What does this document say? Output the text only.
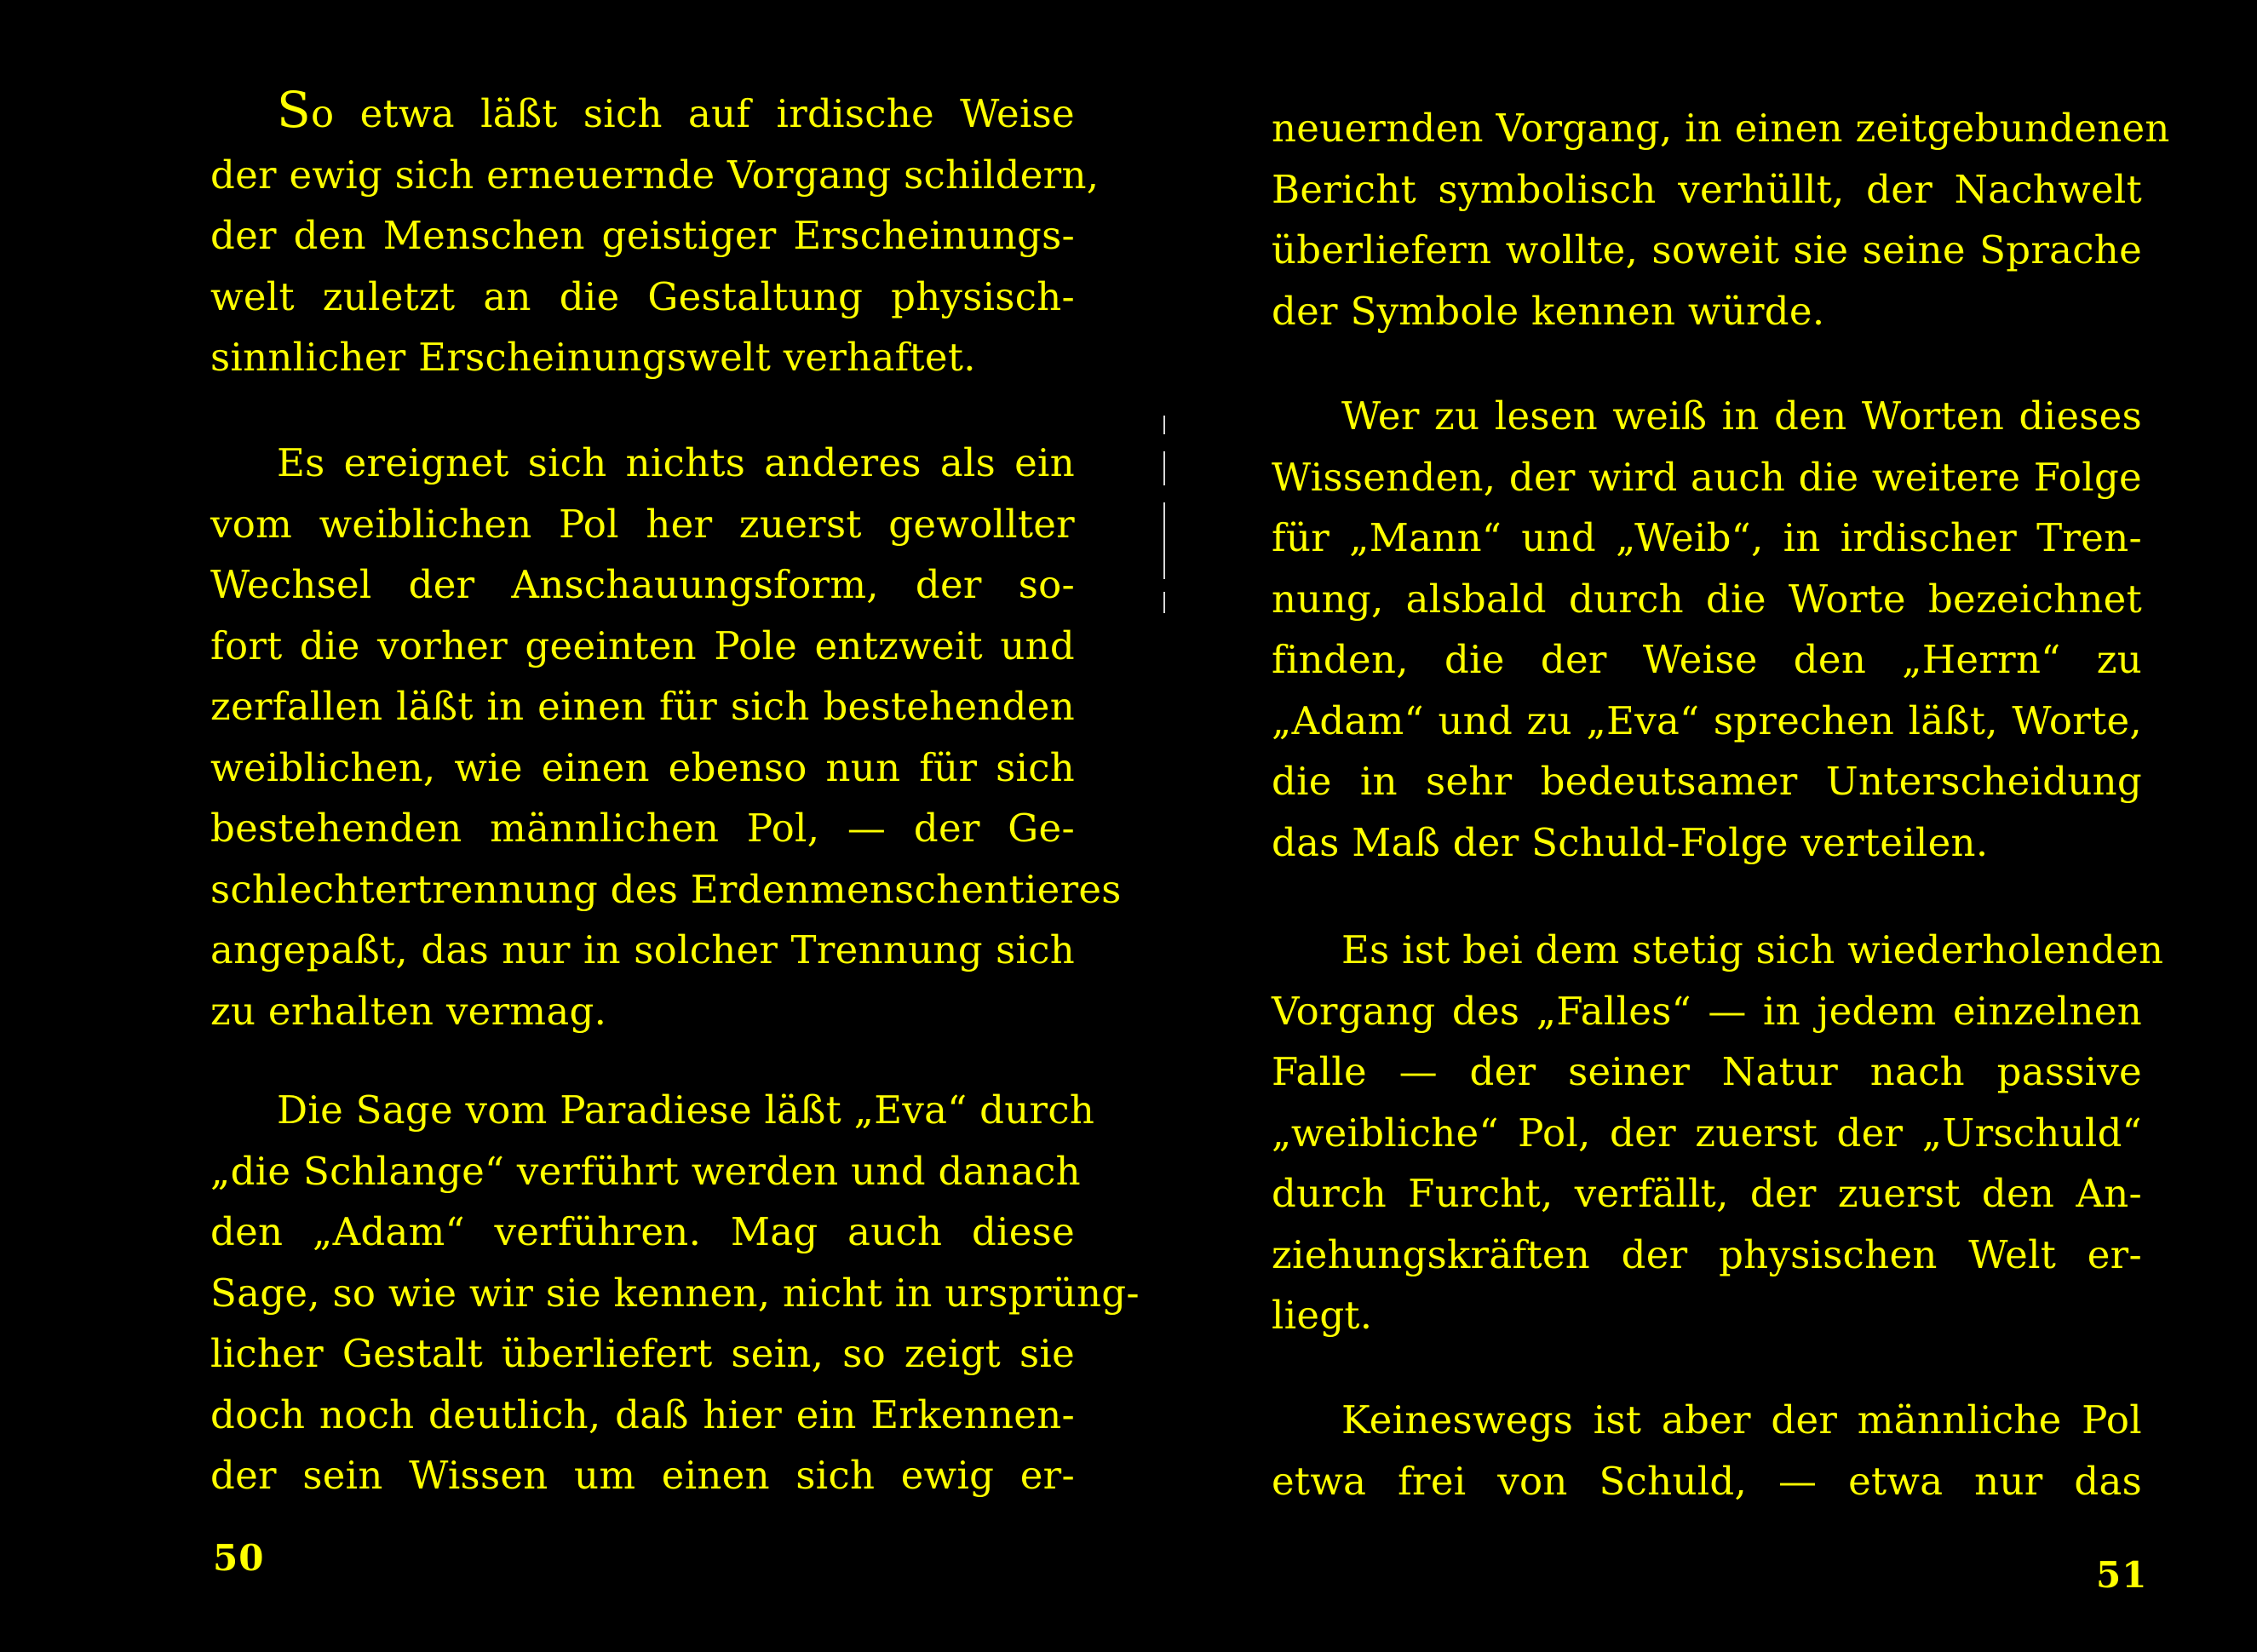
So etwa läßt sich auf irdische Weise
der ewig sich erneuernde Vorgang schildern,
der den Menschen geistiger Erscheinungs-
welt zuletzt an die Gestaltung physisch-
sinnlicher Erscheinungswelt verhaftet.
Es ereignet sich nichts anderes als ein
vom weiblichen Pol her zuerst gewollter
Wechsel der Anschauungsform, der so-
fort die vorher geeinten Pole entzweit und
zerfallen läßt in einen für sich bestehenden
weiblichen, wie einen ebenso nun für sich
bestehenden männlichen Pol, — der Ge-
schlechtertrennung des Erdenmenschentieres
angepaßt, das nur in solcher Trennung sich
zu erhalten vermag.
Die Sage vom Paradiese läßt „Eva“ durch
„die Schlange“ verführt werden und danach
den „Adam“ verführen. Mag auch diese
Sage, so wie wir sie kennen, nicht in ursprüng-
licher Gestalt überliefert sein, so zeigt sie
doch noch deutlich, daß hier ein Erkennen-
der sein Wissen um einen sich ewig er-
50
neuernden Vorgang, in einen zeitgebundenen
Bericht symbolisch verhüllt, der Nachwelt
überliefern wollte, soweit sie seine Sprache
der Symbole kennen würde.
Wer zu lesen weiß in den Worten dieses
Wissenden, der wird auch die weitere Folge
für „Mann“ und „Weib“, in irdischer Tren-
nung, alsbald durch die Worte bezeichnet
finden, die der Weise den „Herrn“ zu
„Adam“ und zu „Eva“ sprechen läßt, Worte,
die in sehr bedeutsamer Unterscheidung
das Maß der Schuld-Folge verteilen.
Es ist bei dem stetig sich wiederholenden
Vorgang des „Falles“ — in jedem einzelnen
Falle — der seiner Natur nach passive
„weibliche“ Pol, der zuerst der „Urschuld“
durch Furcht, verfällt, der zuerst den An-
ziehungskräften der physischen Welt er-
liegt.
Keineswegs ist aber der männliche Pol
etwa frei von Schuld, — etwa nur das
51
